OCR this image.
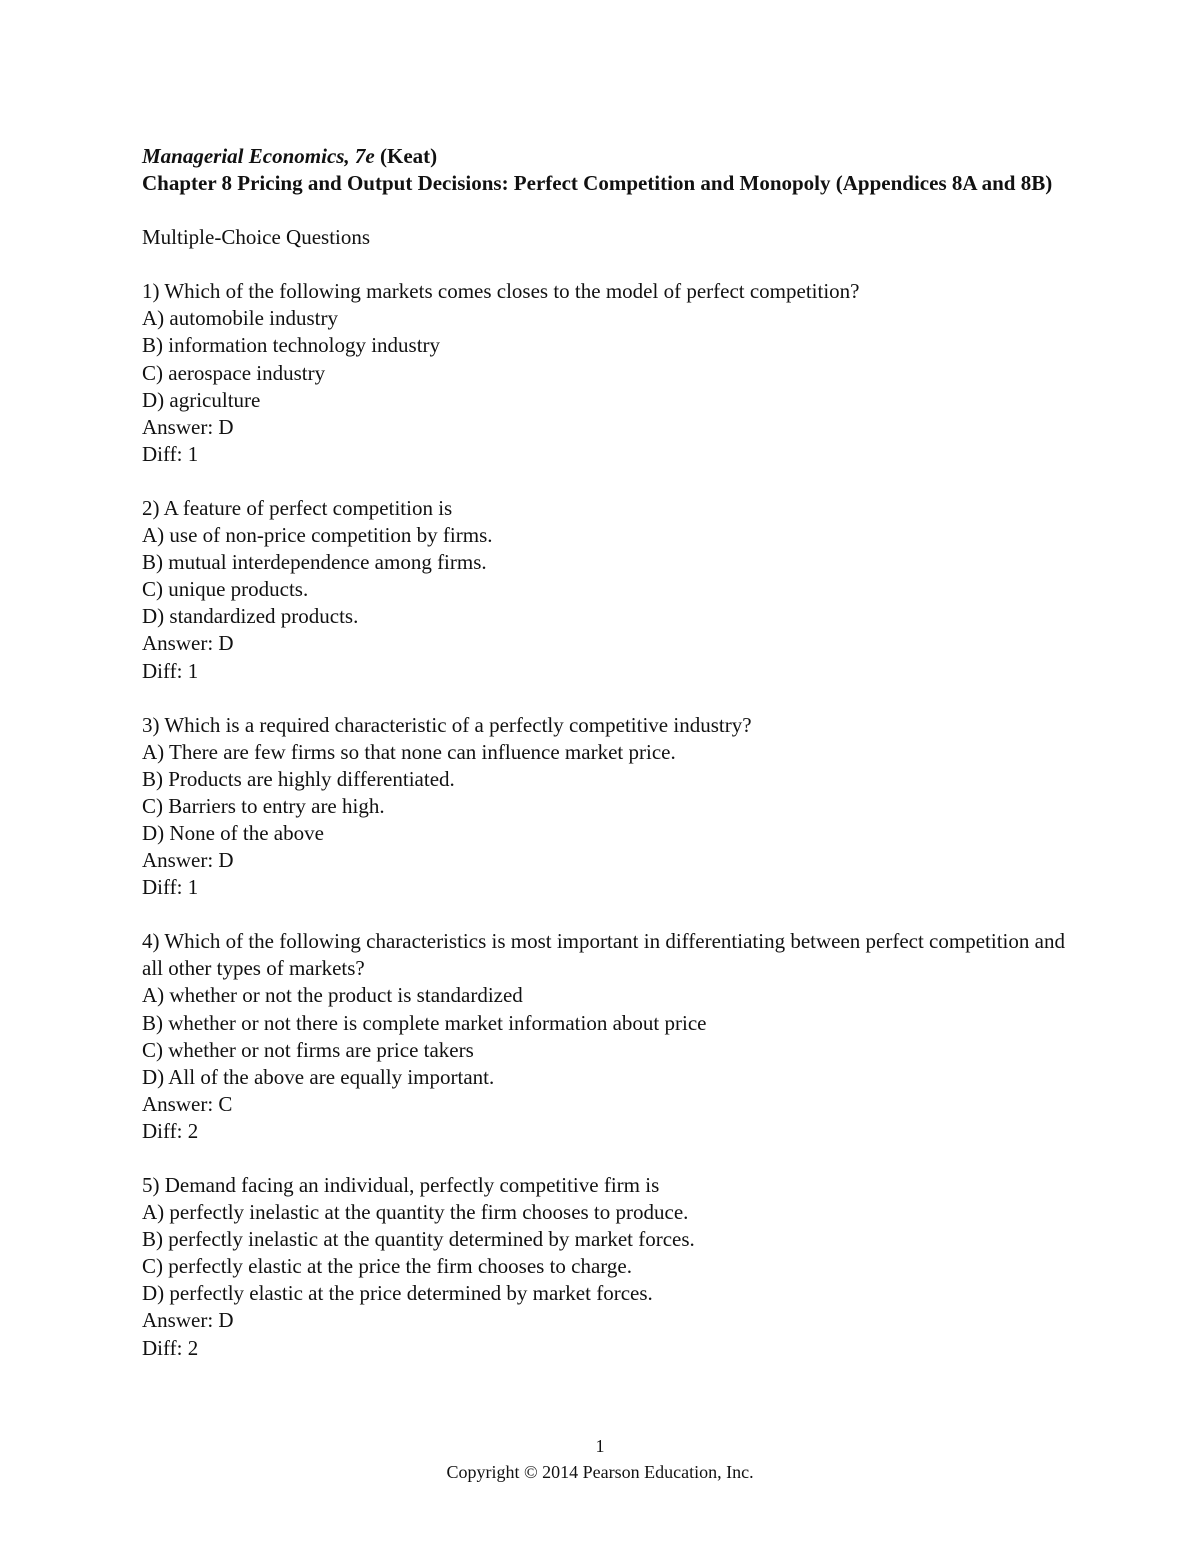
Managerial Economics, 7e (Keat)

Chapter 8 Pricing and Output Decisions: Perfect Competition and Monopoly (Appendices 8A and 8B)

Multiple-Choice Questions

1) Which of the following markets comes closes to the model of perfect competition?

A) automobile industry

B) information technology industry

C) aerospace industry

D) agriculture

Answer: D

Diff: 1

2) A feature of perfect competition is

A) use of non-price competition by firms.

B) mutual interdependence among firms.

C) unique products.

D) standardized products.

Answer: D

Diff: 1

3) Which is a required characteristic of a perfectly competitive industry?

A) There are few firms so that none can influence market price.

B) Products are highly differentiated.

C) Barriers to entry are high.

D) None of the above

Answer: D

Diff: 1

4) Which of the following characteristics is most important in differentiating between perfect competition and all other types of markets?

A) whether or not the product is standardized

B) whether or not there is complete market information about price

C) whether or not firms are price takers

D) All of the above are equally important.

Answer: C

Diff: 2

5) Demand facing an individual, perfectly competitive firm is

A) perfectly inelastic at the quantity the firm chooses to produce.

B) perfectly inelastic at the quantity determined by market forces.

C) perfectly elastic at the price the firm chooses to charge.

D) perfectly elastic at the price determined by market forces.

Answer: D

Diff: 2

1
Copyright © 2014 Pearson Education, Inc.
